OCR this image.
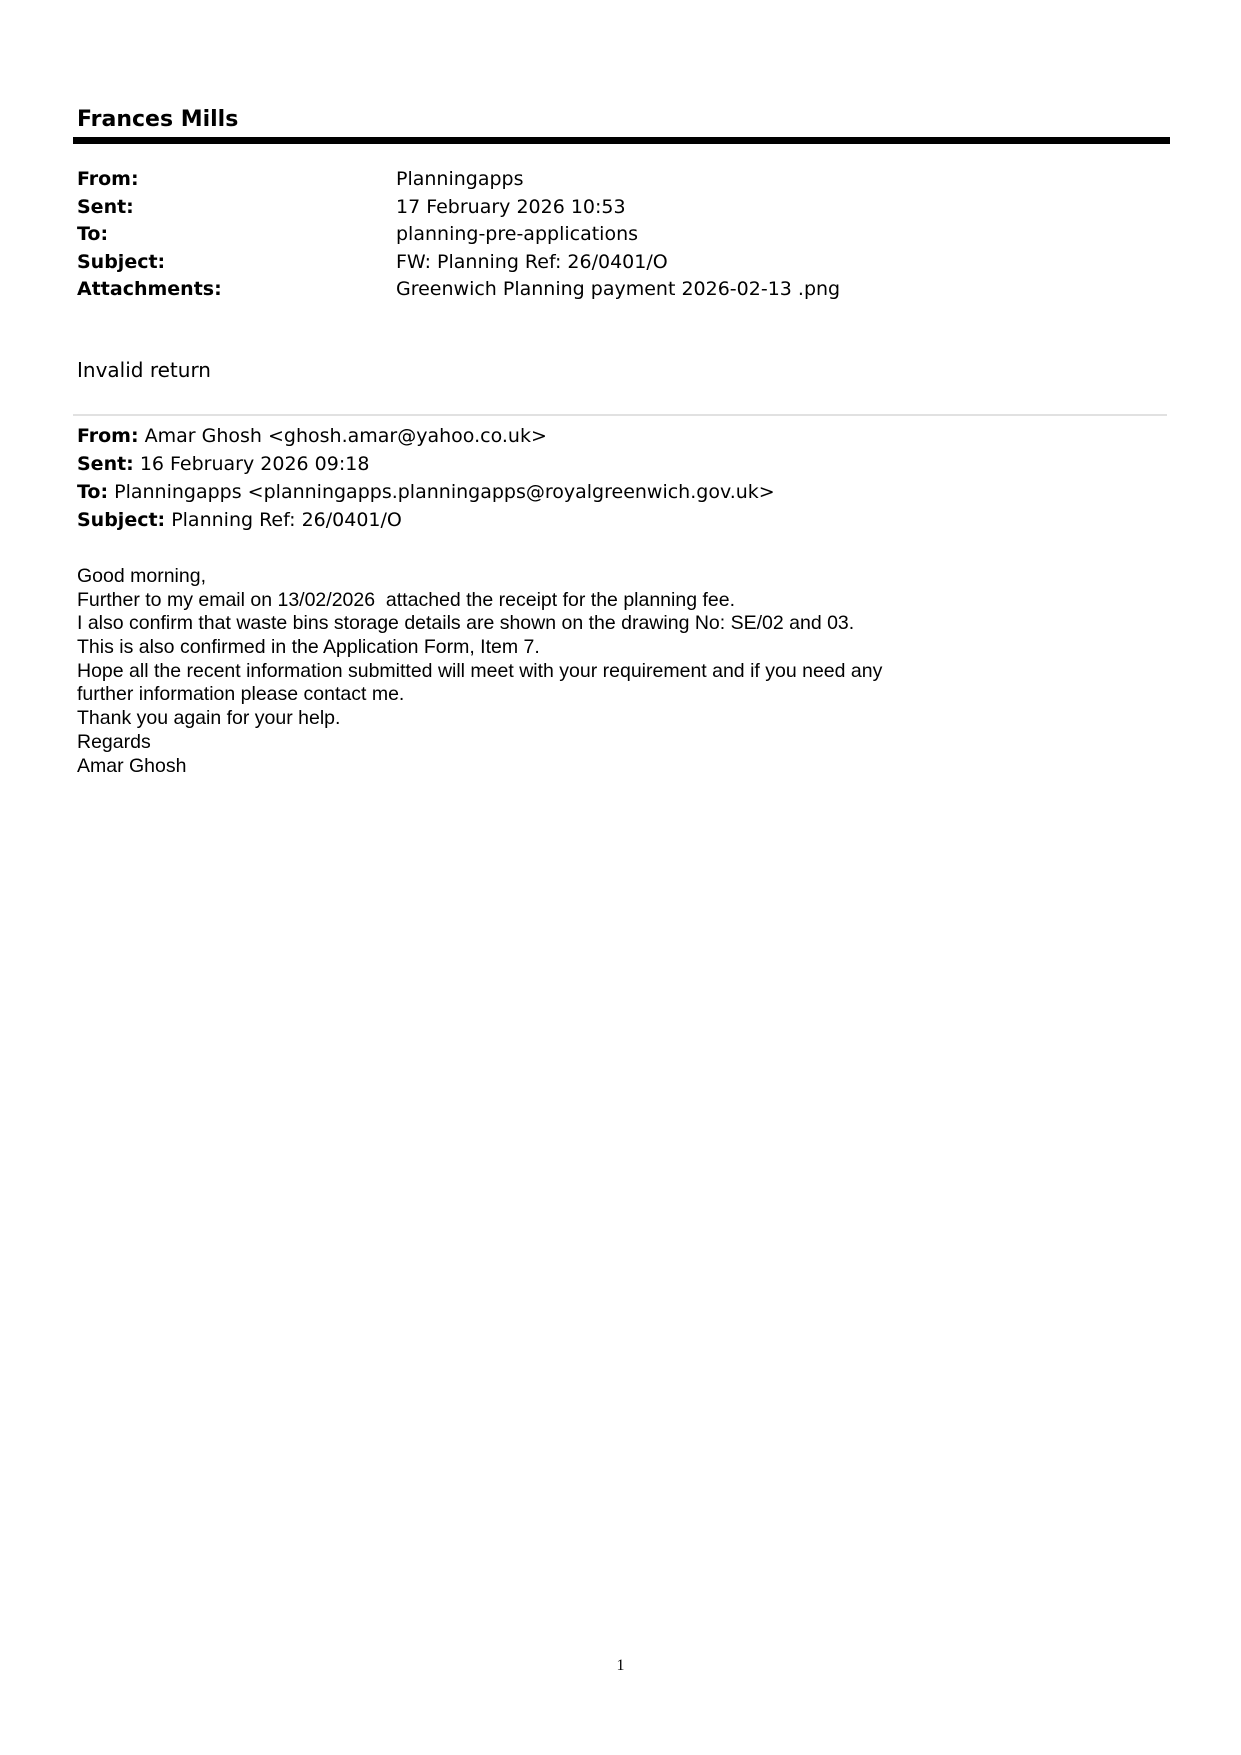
Frances Mills
From:	Planningapps
Sent:	17 February 2026 10:53
To:	planning-pre-applications
Subject:	FW: Planning Ref: 26/0401/O
Attachments:	Greenwich Planning payment 2026-02-13 .png
Invalid return
From: Amar Ghosh <ghosh.amar@yahoo.co.uk>
Sent: 16 February 2026 09:18
To: Planningapps <planningapps.planningapps@royalgreenwich.gov.uk>
Subject: Planning Ref: 26/0401/O
Good morning,
Further to my email on 13/02/2026  attached the receipt for the planning fee.
I also confirm that waste bins storage details are shown on the drawing No: SE/02 and 03.
This is also confirmed in the Application Form, Item 7.
Hope all the recent information submitted will meet with your requirement and if you need any
further information please contact me.
Thank you again for your help.
Regards
Amar Ghosh
1
